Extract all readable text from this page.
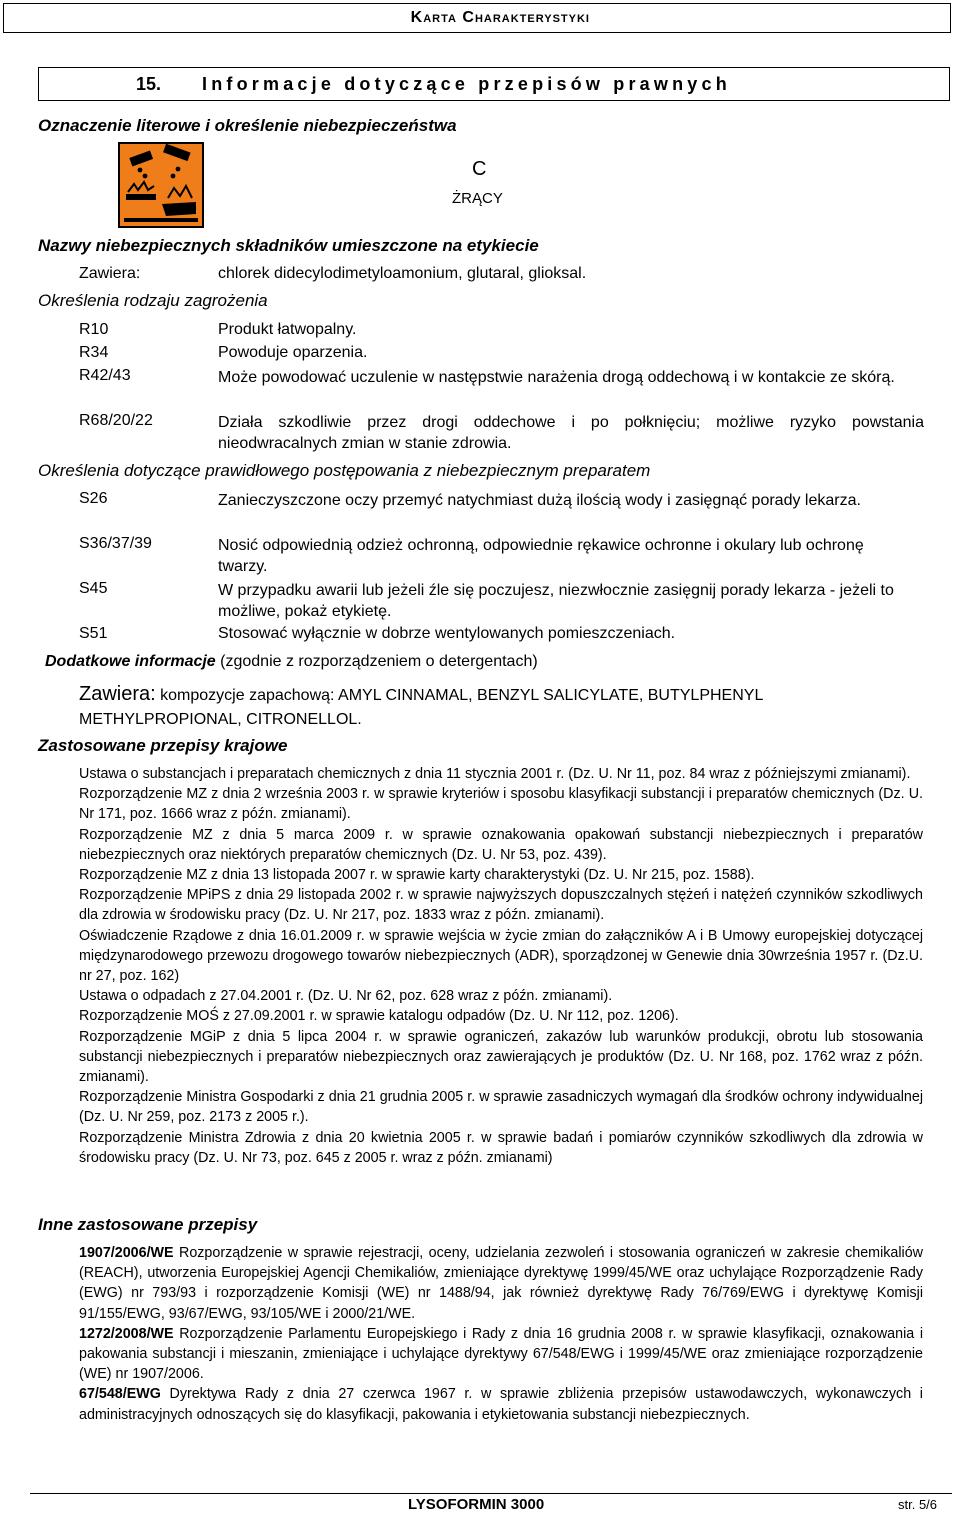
Karta Charakterystyki
15.	Informacje dotyczące przepisów prawnych
Oznaczenie literowe i określenie niebezpieczeństwa
C
ŻRĄCY
Nazwy niebezpiecznych składników umieszczone na etykiecie
Zawiera:	chlorek didecylodimetyloamonium, glutaral, glioksal.
Określenia rodzaju zagrożenia
R10	Produkt łatwopalny.
R34	Powoduje oparzenia.
R42/43	Może powodować uczulenie w następstwie narażenia drogą oddechową i w kontakcie ze skórą.
R68/20/22	Działa szkodliwie przez drogi oddechowe i po połknięciu; możliwe ryzyko powstania nieodwracalnych zmian w stanie zdrowia.
Określenia dotyczące prawidłowego postępowania z niebezpiecznym preparatem
S26	Zanieczyszczone oczy przemyć natychmiast dużą ilością wody i zasięgnąć porady lekarza.
S36/37/39	Nosić odpowiednią odzież ochronną, odpowiednie rękawice ochronne i okulary lub ochronę twarzy.
S45	W przypadku awarii lub jeżeli źle się poczujesz, niezwłocznie zasięgnij porady lekarza - jeżeli to możliwe, pokaż etykietę.
S51	Stosować wyłącznie w dobrze wentylowanych pomieszczeniach.
Dodatkowe informacje (zgodnie z rozporządzeniem o detergentach)
Zawiera: kompozycje zapachową: AMYL CINNAMAL, BENZYL SALICYLATE, BUTYLPHENYL METHYLPROPIONAL, CITRONELLOL.
Zastosowane przepisy krajowe
Ustawa o substancjach i preparatach chemicznych z dnia 11 stycznia 2001 r. (Dz. U. Nr 11, poz. 84 wraz z późniejszymi zmianami).
Rozporządzenie MZ z dnia 2 września 2003 r. w sprawie kryteriów i sposobu klasyfikacji substancji i preparatów chemicznych (Dz. U. Nr 171, poz. 1666 wraz z późn. zmianami).
Rozporządzenie MZ z dnia 5 marca 2009 r. w sprawie oznakowania opakowań substancji niebezpiecznych i preparatów niebezpiecznych oraz niektórych preparatów chemicznych (Dz. U. Nr 53, poz. 439).
Rozporządzenie MZ z dnia 13 listopada 2007 r. w sprawie karty charakterystyki (Dz. U. Nr 215, poz. 1588).
Rozporządzenie MPiPS z dnia 29 listopada 2002 r. w sprawie najwyższych dopuszczalnych stężeń i natężeń czynników szkodliwych dla zdrowia w środowisku pracy (Dz. U. Nr 217, poz. 1833 wraz z późn. zmianami).
Oświadczenie Rządowe z dnia 16.01.2009 r. w sprawie wejścia w życie zmian do załączników A i B Umowy europejskiej dotyczącej międzynarodowego przewozu drogowego towarów niebezpiecznych (ADR), sporządzonej w Genewie dnia 30września 1957 r. (Dz.U. nr 27, poz. 162)
Ustawa o odpadach z 27.04.2001 r. (Dz. U. Nr 62, poz. 628 wraz z późn. zmianami).
Rozporządzenie MOŚ z 27.09.2001 r. w sprawie katalogu odpadów (Dz. U. Nr 112, poz. 1206).
Rozporządzenie MGiP z dnia 5 lipca 2004 r. w sprawie ograniczeń, zakazów lub warunków produkcji, obrotu lub stosowania substancji niebezpiecznych i preparatów niebezpiecznych oraz zawierających je produktów (Dz. U. Nr 168, poz. 1762 wraz z późn. zmianami).
Rozporządzenie Ministra Gospodarki z dnia 21 grudnia 2005 r. w sprawie zasadniczych wymagań dla środków ochrony indywidualnej (Dz. U. Nr 259, poz. 2173 z 2005 r.).
Rozporządzenie Ministra Zdrowia z dnia 20 kwietnia 2005 r. w sprawie badań i pomiarów czynników szkodliwych dla zdrowia w środowisku pracy (Dz. U. Nr 73, poz. 645 z 2005 r. wraz z późn. zmianami)
Inne zastosowane przepisy
1907/2006/WE Rozporządzenie w sprawie rejestracji, oceny, udzielania zezwoleń i stosowania ograniczeń w zakresie chemikaliów (REACH), utworzenia Europejskiej Agencji Chemikaliów, zmieniające dyrektywę 1999/45/WE oraz uchylające Rozporządzenie Rady (EWG) nr 793/93 i rozporządzenie Komisji (WE) nr 1488/94, jak również dyrektywę Rady 76/769/EWG i dyrektywę Komisji 91/155/EWG, 93/67/EWG, 93/105/WE i 2000/21/WE.
1272/2008/WE Rozporządzenie Parlamentu Europejskiego i Rady z dnia 16 grudnia 2008 r. w sprawie klasyfikacji, oznakowania i pakowania substancji i mieszanin, zmieniające i uchylające dyrektywy 67/548/EWG i 1999/45/WE oraz zmieniające rozporządzenie (WE) nr 1907/2006.
67/548/EWG Dyrektywa Rady z dnia 27 czerwca 1967 r. w sprawie zbliżenia przepisów ustawodawczych, wykonawczych i administracyjnych odnoszących się do klasyfikacji, pakowania i etykietowania substancji niebezpiecznych.
LYSOFORMIN 3000	str. 5/6
